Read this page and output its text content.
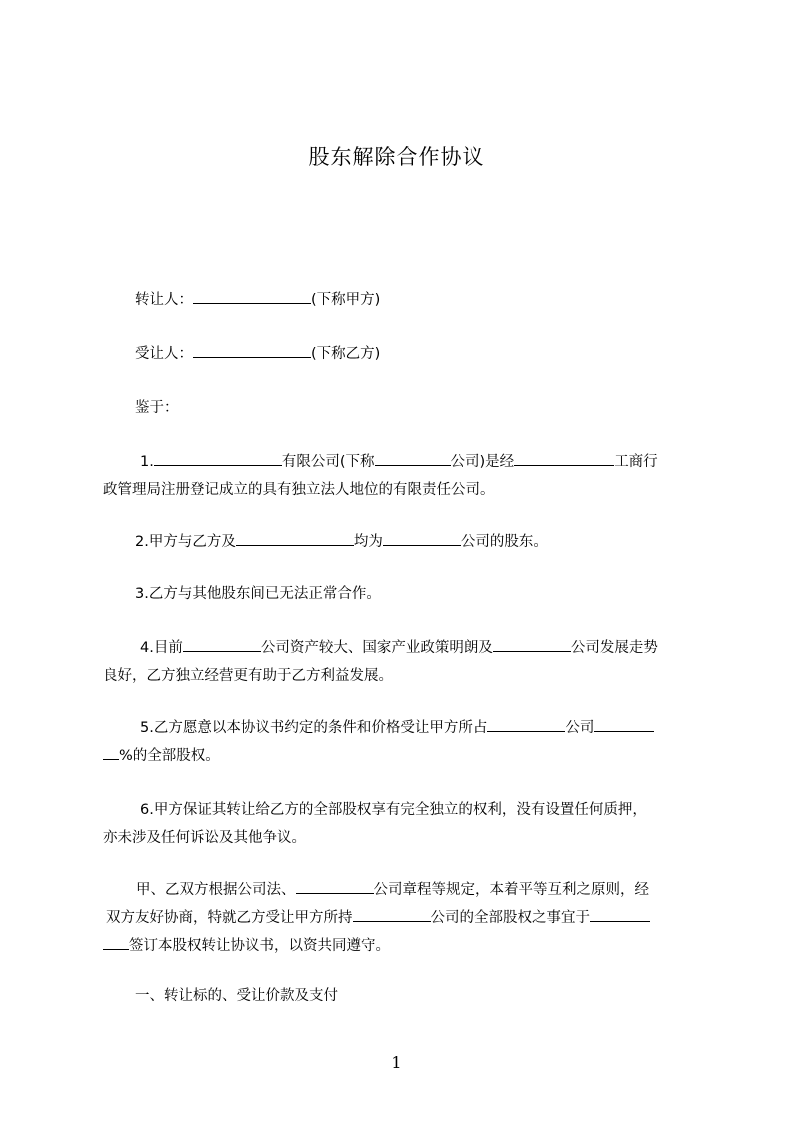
股东解除合作协议
转让人：	(下称甲方)
受让人：	(下称乙方)
鉴于：
1.	有限公司(下称	公司)是经	工商行
政管理局注册登记成立的具有独立法人地位的有限责任公司。
2.甲方与乙方及	均为	公司的股东。
3.乙方与其他股东间已无法正常合作。
4.目前	公司资产较大、国家产业政策明朗及	公司发展走势
良好，乙方独立经营更有助于乙方利益发展。
5.乙方愿意以本协议书约定的条件和价格受让甲方所占	公司
%的全部股权。
6.甲方保证其转让给乙方的全部股权享有完全独立的权利，没有设置任何质押，
亦未涉及任何诉讼及其他争议。
甲、乙双方根据公司法、	公司章程等规定，本着平等互利之原则，经
双方友好协商，特就乙方受让甲方所持	公司的全部股权之事宜于
签订本股权转让协议书，以资共同遵守。
一、转让标的、受让价款及支付
1
